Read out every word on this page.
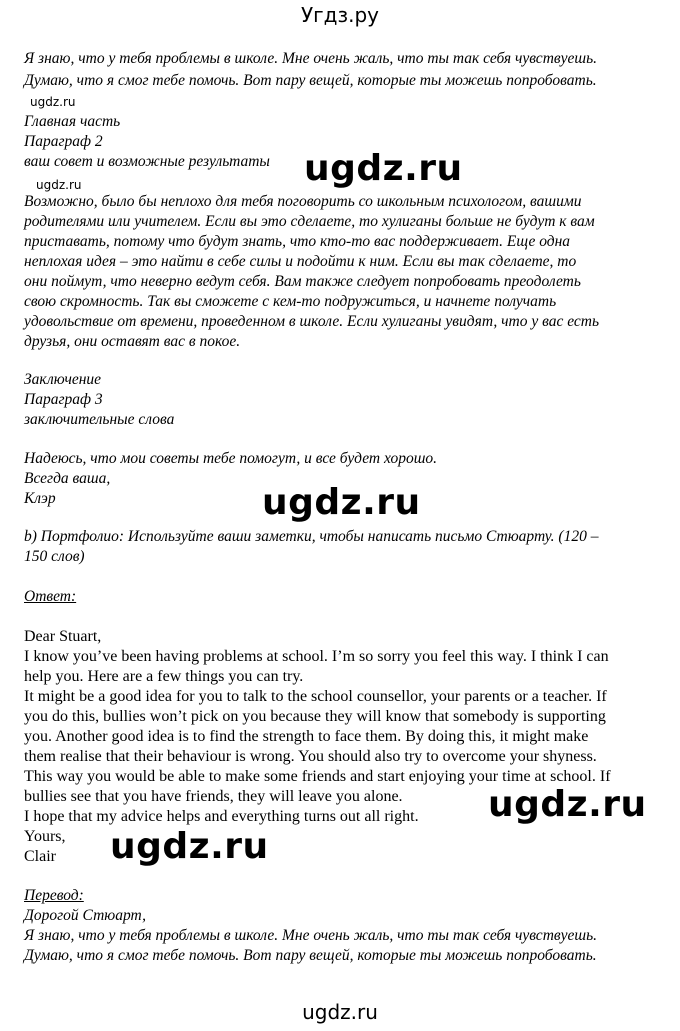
Угдз.ру
Я знаю, что у тебя проблемы в школе. Мне очень жаль, что ты так себя чувствуешь.
Думаю, что я смог тебе помочь. Вот пару вещей, которые ты можешь попробовать.
ugdz.ru
Главная часть
Параграф 2
ваш совет и возможные результаты ugdz.ru
ugdz.ru
Возможно, было бы неплохо для тебя поговорить со школьным психологом, вашими
родителями или учителем. Если вы это сделаете, то хулиганы больше не будут к вам
приставать, потому что будут знать, что кто-то вас поддерживает. Еще одна
неплохая идея – это найти в себе силы и подойти к ним. Если вы так сделаете, то
они поймут, что неверно ведут себя. Вам также следует попробовать преодолеть
свою скромность. Так вы сможете с кем-то подружиться, и начнете получать
удовольствие от времени, проведенном в школе. Если хулиганы увидят, что у вас есть
друзья, они оставят вас в покое.
Заключение
Параграф 3
заключительные слова
Надеюсь, что мои советы тебе помогут, и все будет хорошо.
Всегда ваша,
Клэр	ugdz.ru
b) Портфолио: Используйте ваши заметки, чтобы написать письмо Стюарту. (120 –
150 слов)
Ответ:
Dear Stuart,
I know you’ve been having problems at school. I’m so sorry you feel this way. I think I can
help you. Here are a few things you can try.
It might be a good idea for you to talk to the school counsellor, your parents or a teacher. If
you do this, bullies won’t pick on you because they will know that somebody is supporting
you. Another good idea is to find the strength to face them. By doing this, it might make
them realise that their behaviour is wrong. You should also try to overcome your shyness.
This way you would be able to make some friends and start enjoying your time at school. If
bullies see that you have friends, they will leave you alone.
I hope that my advice helps and everything turns out all right.
Yours,
Clair
ugdz.ru
ugdz.ru
Перевод:
Дорогой Стюарт,
Я знаю, что у тебя проблемы в школе. Мне очень жаль, что ты так себя чувствуешь.
Думаю, что я смог тебе помочь. Вот пару вещей, которые ты можешь попробовать.
ugdz.ru
